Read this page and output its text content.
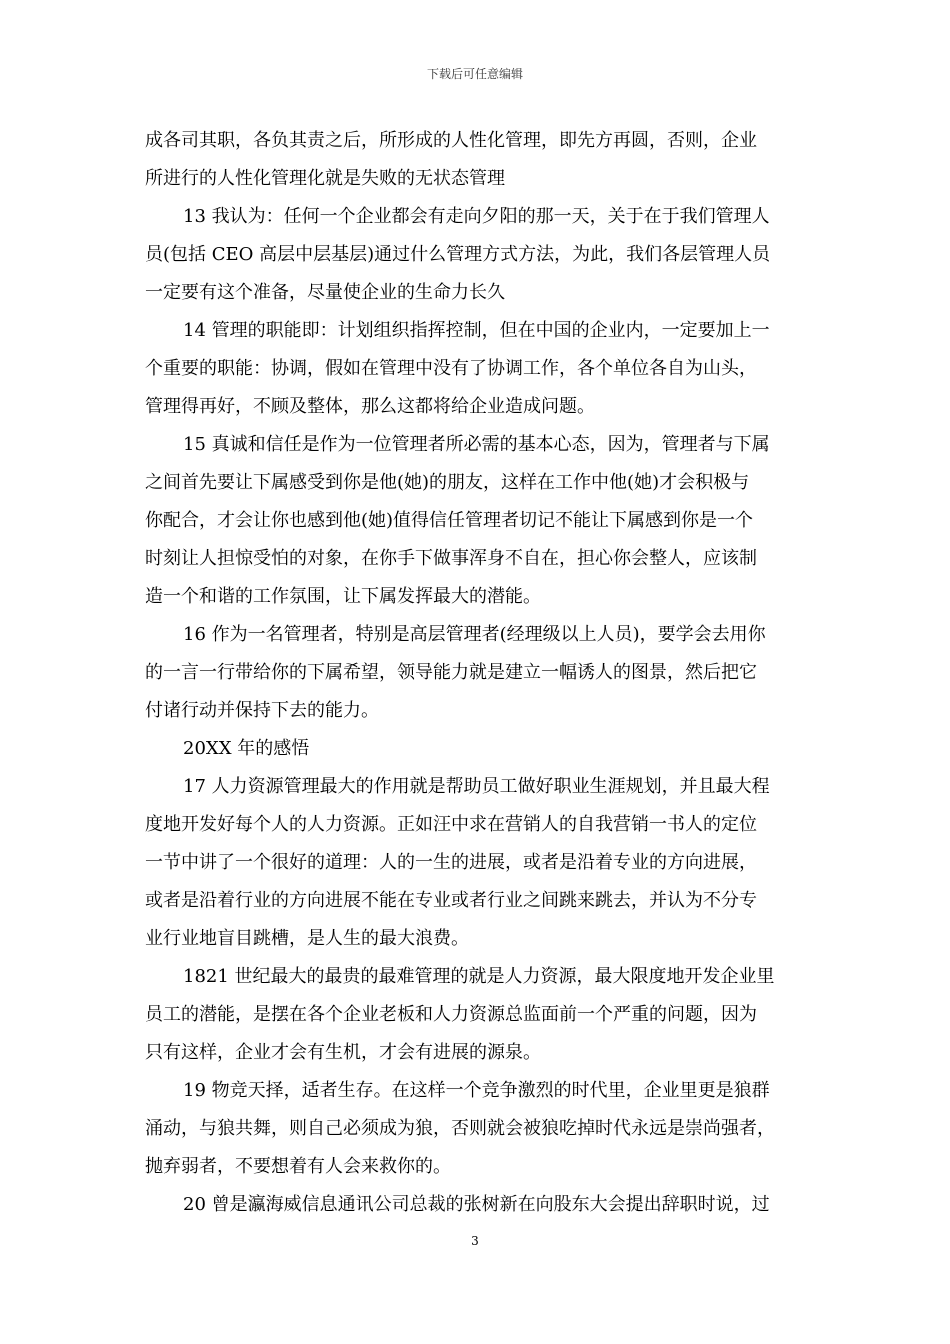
下载后可任意编辑
成各司其职，各负其责之后，所形成的人性化管理，即先方再圆，否则，企业
所进行的人性化管理化就是失败的无状态管理
13 我认为：任何一个企业都会有走向夕阳的那一天，关于在于我们管理人
员(包括 CEO 高层中层基层)通过什么管理方式方法，为此，我们各层管理人员
一定要有这个准备，尽量使企业的生命力长久
14 管理的职能即：计划组织指挥控制，但在中国的企业内，一定要加上一
个重要的职能：协调，假如在管理中没有了协调工作，各个单位各自为山头，
管理得再好，不顾及整体，那么这都将给企业造成问题。
15 真诚和信任是作为一位管理者所必需的基本心态，因为，管理者与下属
之间首先要让下属感受到你是他(她)的朋友，这样在工作中他(她)才会积极与
你配合，才会让你也感到他(她)值得信任管理者切记不能让下属感到你是一个
时刻让人担惊受怕的对象，在你手下做事浑身不自在，担心你会整人，应该制
造一个和谐的工作氛围，让下属发挥最大的潜能。
16 作为一名管理者，特别是高层管理者(经理级以上人员)，要学会去用你
的一言一行带给你的下属希望，领导能力就是建立一幅诱人的图景，然后把它
付诸行动并保持下去的能力。
20XX 年的感悟
17 人力资源管理最大的作用就是帮助员工做好职业生涯规划，并且最大程
度地开发好每个人的人力资源。正如汪中求在营销人的自我营销一书人的定位
一节中讲了一个很好的道理：人的一生的进展，或者是沿着专业的方向进展，
或者是沿着行业的方向进展不能在专业或者行业之间跳来跳去，并认为不分专
业行业地盲目跳槽，是人生的最大浪费。
1821 世纪最大的最贵的最难管理的就是人力资源，最大限度地开发企业里
员工的潜能，是摆在各个企业老板和人力资源总监面前一个严重的问题，因为
只有这样，企业才会有生机，才会有进展的源泉。
19 物竞天择，适者生存。在这样一个竞争激烈的时代里，企业里更是狼群
涌动，与狼共舞，则自己必须成为狼，否则就会被狼吃掉时代永远是崇尚强者，
抛弃弱者，不要想着有人会来救你的。
20 曾是瀛海威信息通讯公司总裁的张树新在向股东大会提出辞职时说，过
3
